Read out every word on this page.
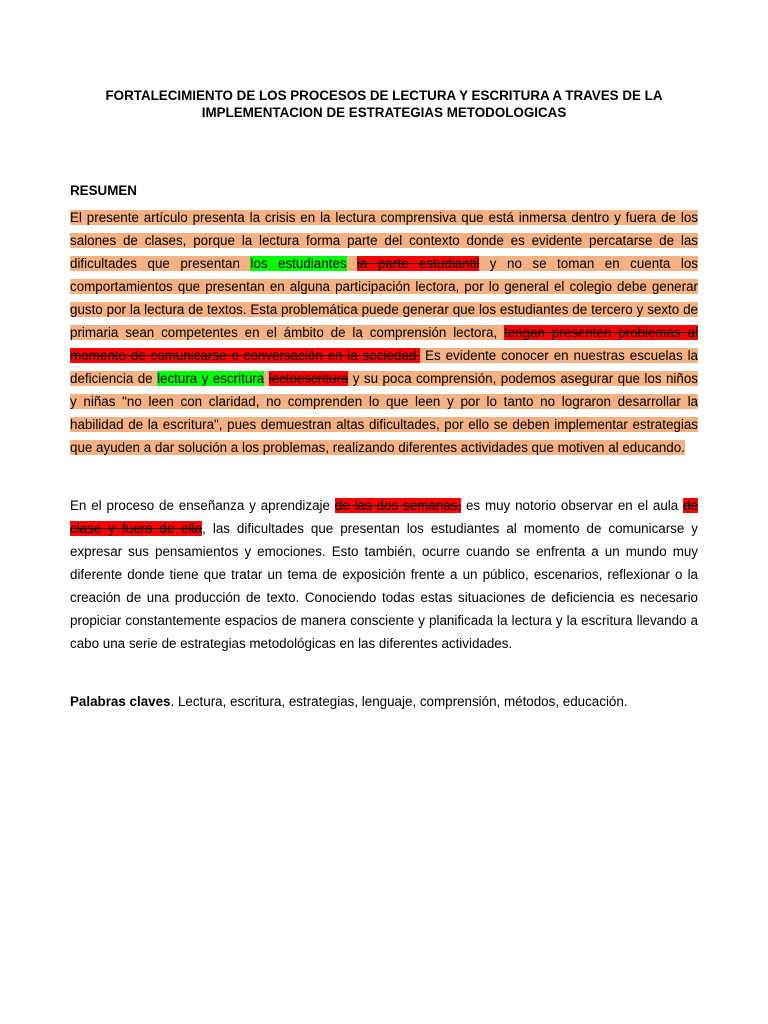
FORTALECIMIENTO DE LOS PROCESOS DE LECTURA Y ESCRITURA A TRAVES DE LA IMPLEMENTACION DE ESTRATEGIAS METODOLOGICAS
RESUMEN
El presente artículo presenta la crisis en la lectura comprensiva que está inmersa dentro y fuera de los salones de clases, porque la lectura forma parte del contexto donde es evidente percatarse de las dificultades que presentan los estudiantes la parte estudiantil y no se toman en cuenta los comportamientos que presentan en alguna participación lectora, por lo general el colegio debe generar gusto por la lectura de textos. Esta problemática puede generar que los estudiantes de tercero y sexto de primaria sean competentes en el ámbito de la comprensión lectora, tengan presenten problemas al momento de comunicarse o conversación en la sociedad. Es evidente conocer en nuestras escuelas la deficiencia de lectura y escritura lectoescritura y su poca comprensión, podemos asegurar que los niños y niñas "no leen con claridad, no comprenden lo que leen y por lo tanto no lograron desarrollar la habilidad de la escritura", pues demuestran altas dificultades, por ello se deben implementar estrategias que ayuden a dar solución a los problemas, realizando diferentes actividades que motiven al educando.
En el proceso de enseñanza y aprendizaje de las dos semanas, es muy notorio observar en el aula de clase y fuera de ella, las dificultades que presentan los estudiantes al momento de comunicarse y expresar sus pensamientos y emociones. Esto también, ocurre cuando se enfrenta a un mundo muy diferente donde tiene que tratar un tema de exposición frente a un público, escenarios, reflexionar o la creación de una producción de texto. Conociendo todas estas situaciones de deficiencia es necesario propiciar constantemente espacios de manera consciente y planificada la lectura y la escritura llevando a cabo una serie de estrategias metodológicas en las diferentes actividades.
Palabras claves. Lectura, escritura, estrategias, lenguaje, comprensión, métodos, educación.
